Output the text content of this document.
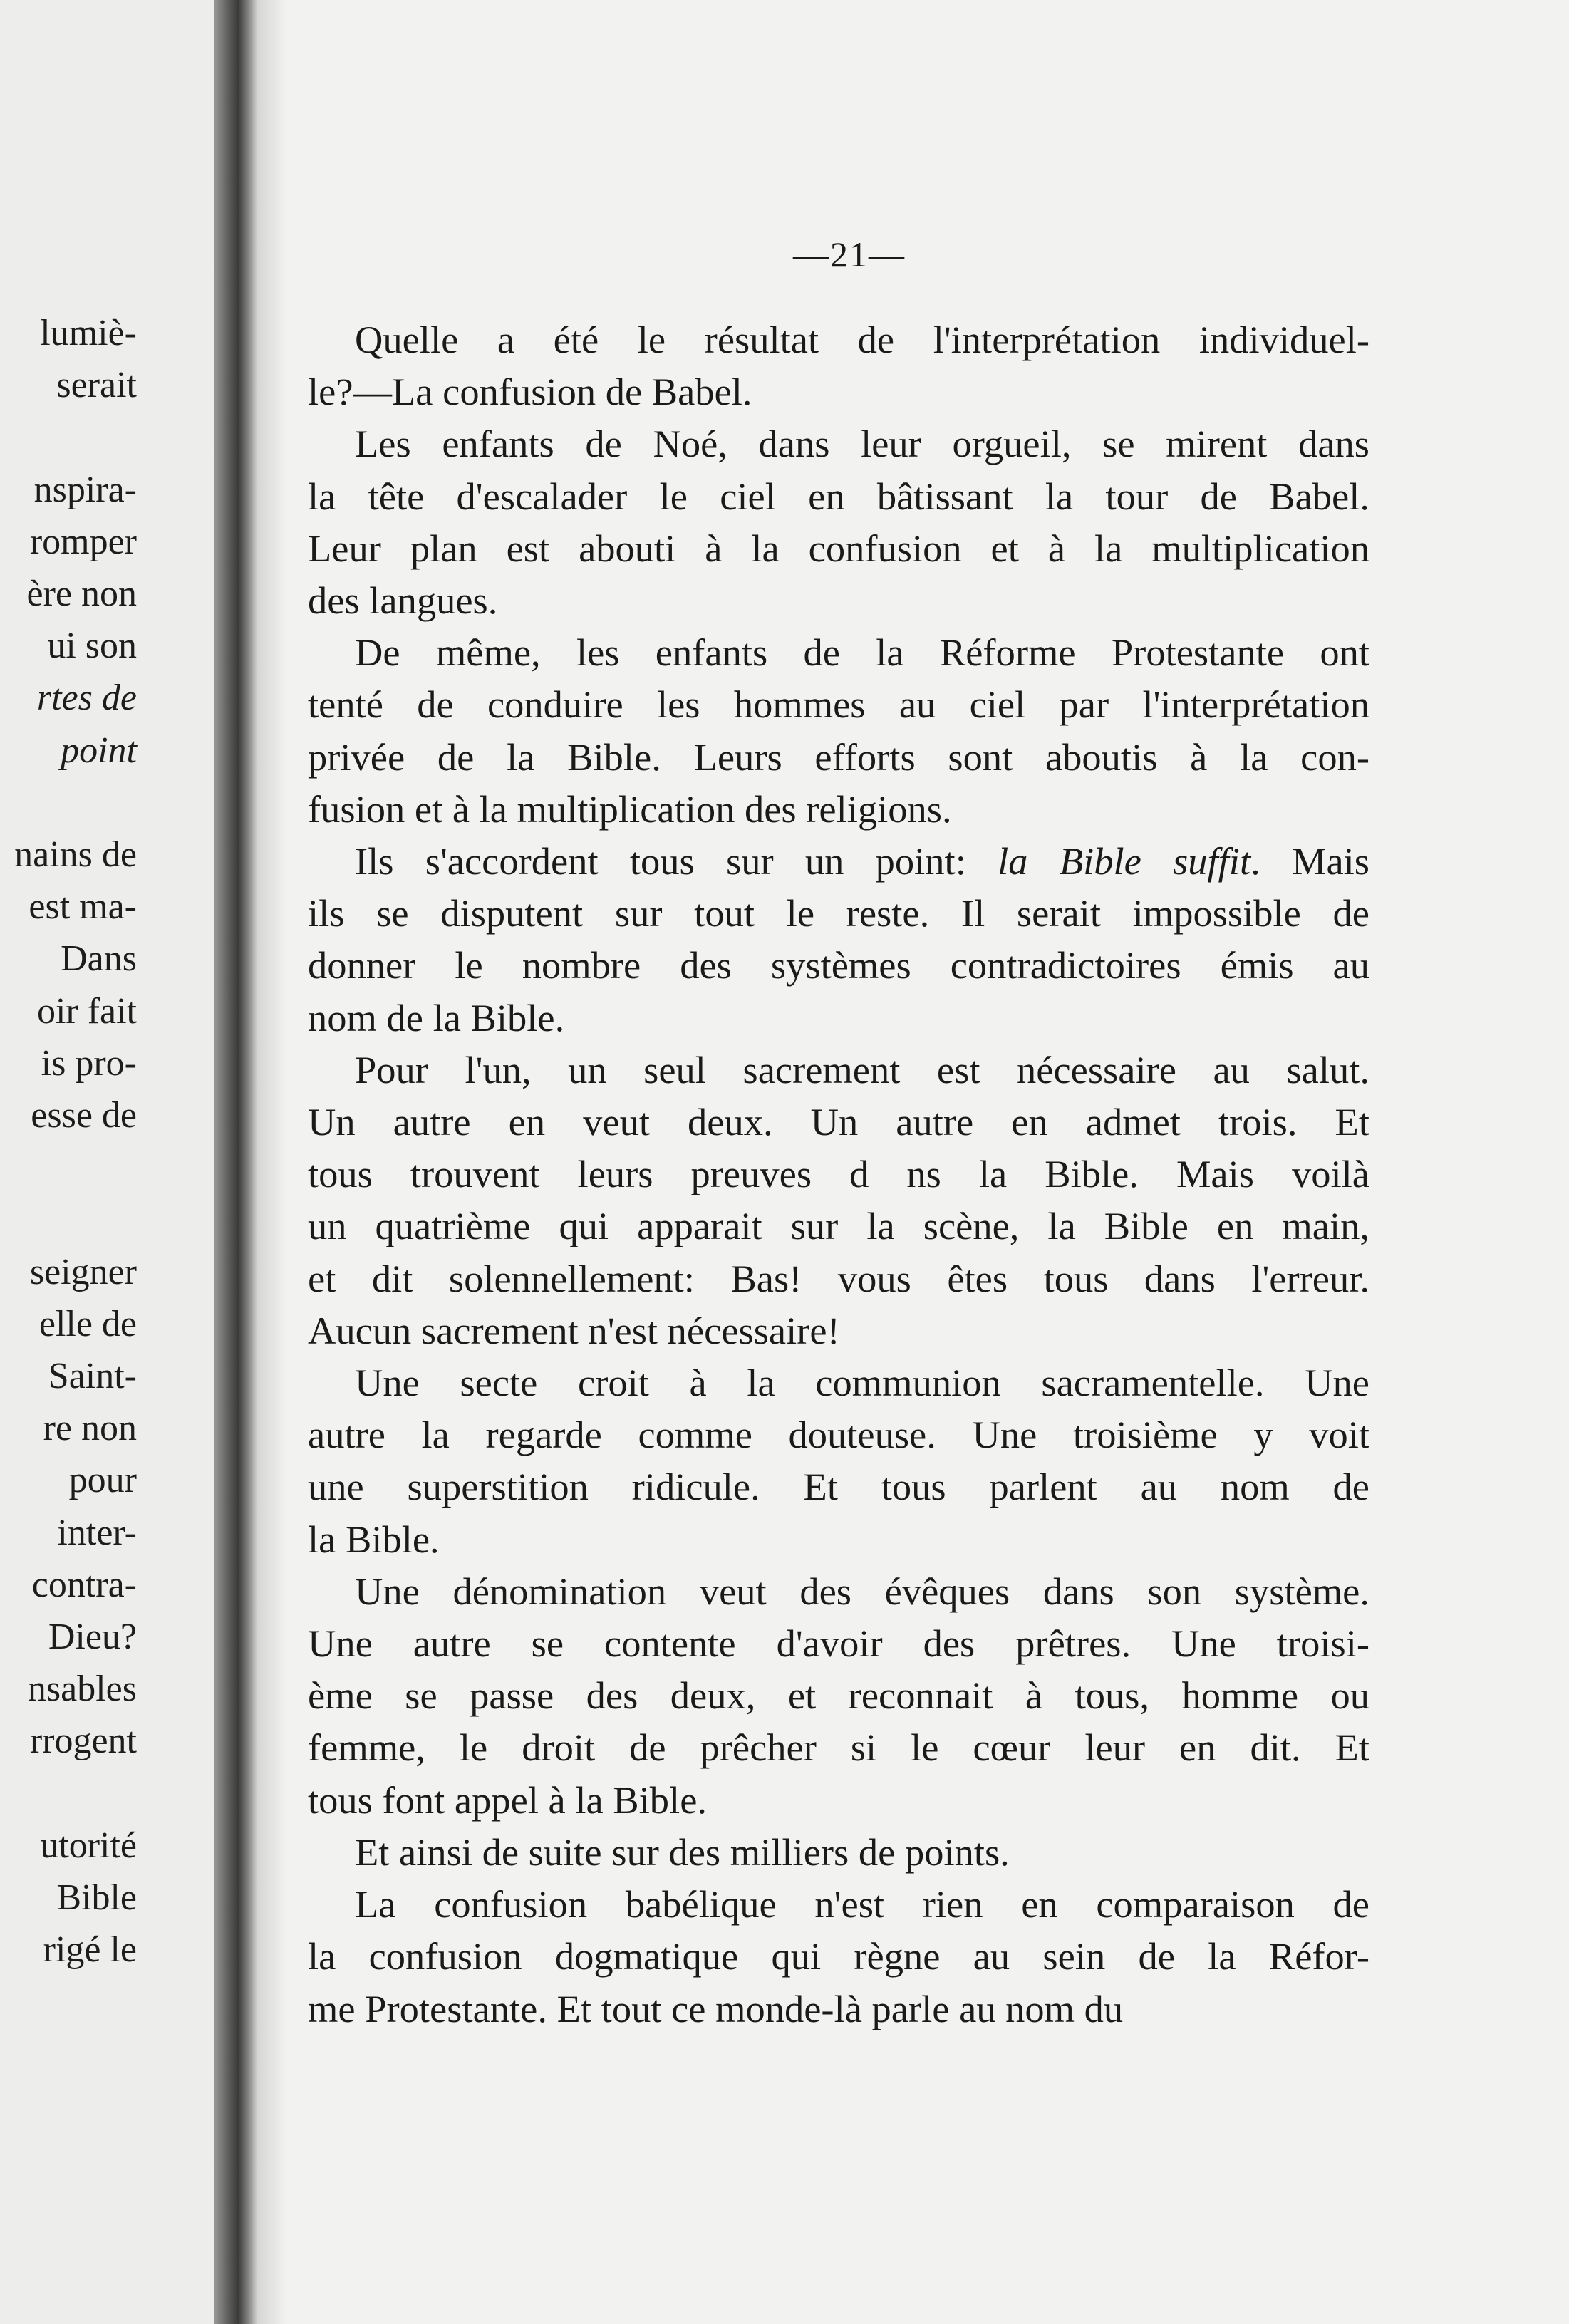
lumiè-
serait
nspira-
romper
ère non
ui son
rtes de
point
nains de
est ma-
Dans
oir fait
is pro-
esse de
seigner
elle de
Saint-
re non
pour
inter-
contra-
Dieu?
nsables
rrogent
utorité
Bible
rigé le
—21—
Quelle a été le résultat de l'interprétation individuel-
le?—La confusion de Babel.
Les enfants de Noé, dans leur orgueil, se mirent dans
la tête d'escalader le ciel en bâtissant la tour de Babel.
Leur plan est abouti à la confusion et à la multiplication
des langues.
De même, les enfants de la Réforme Protestante ont
tenté de conduire les hommes au ciel par l'interprétation
privée de la Bible. Leurs efforts sont aboutis à la con-
fusion et à la multiplication des religions.
Ils s'accordent tous sur un point: la Bible suffit. Mais
ils se disputent sur tout le reste. Il serait impossible de
donner le nombre des systèmes contradictoires émis au
nom de la Bible.
Pour l'un, un seul sacrement est nécessaire au salut.
Un autre en veut deux. Un autre en admet trois. Et
tous trouvent leurs preuves d ns la Bible. Mais voilà
un quatrième qui apparait sur la scène, la Bible en main,
et dit solennellement: Bas! vous êtes tous dans l'erreur.
Aucun sacrement n'est nécessaire!
Une secte croit à la communion sacramentelle. Une
autre la regarde comme douteuse. Une troisième y voit
une superstition ridicule. Et tous parlent au nom de
la Bible.
Une dénomination veut des évêques dans son système.
Une autre se contente d'avoir des prêtres. Une troisi-
ème se passe des deux, et reconnait à tous, homme ou
femme, le droit de prêcher si le cœur leur en dit. Et
tous font appel à la Bible.
Et ainsi de suite sur des milliers de points.
La confusion babélique n'est rien en comparaison de
la confusion dogmatique qui règne au sein de la Réfor-
me Protestante. Et tout ce monde-là parle au nom du
